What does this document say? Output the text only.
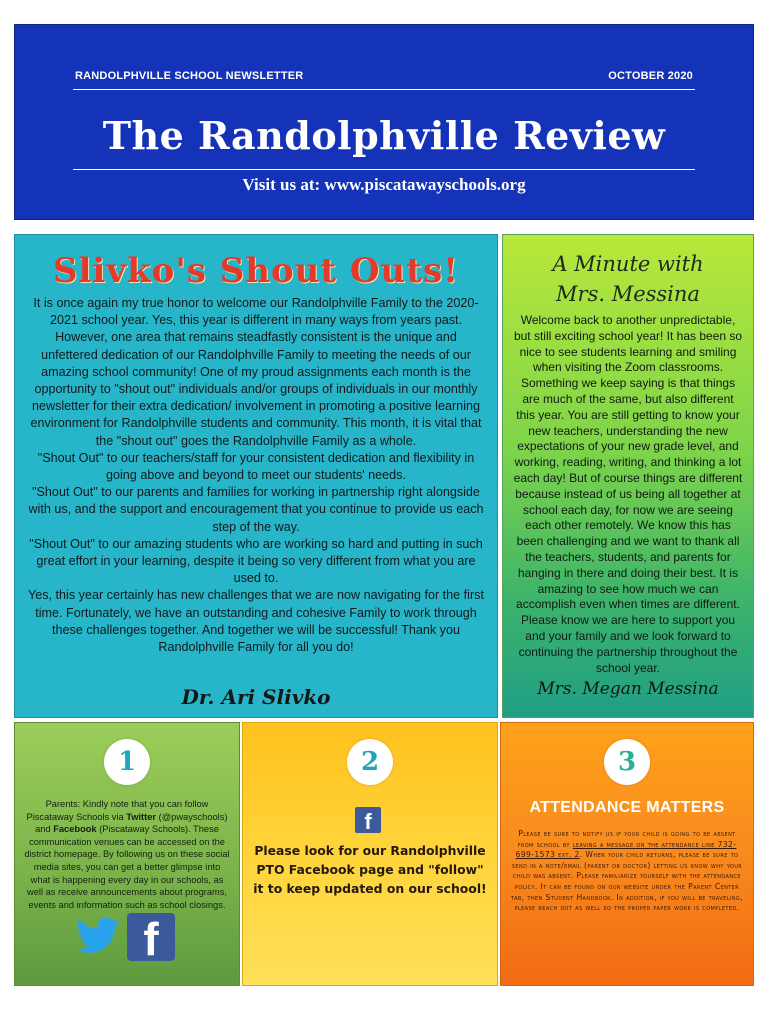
RANDOLPHVILLE SCHOOL NEWSLETTER	OCTOBER 2020
The Randolphville Review
Visit us at: www.piscatawayschools.org
Slivko's Shout Outs!

It is once again my true honor to welcome our Randolphville Family to the 2020-2021 school year. Yes, this year is different in many ways from years past. However, one area that remains steadfastly consistent is the unique and unfettered dedication of our Randolphville Family to meeting the needs of our amazing school community! One of my proud assignments each month is the opportunity to "shout out" individuals and/or groups of individuals in our monthly newsletter for their extra dedication/ involvement in promoting a positive learning environment for Randolphville students and community. This month, it is vital that the "shout out" goes the Randolphville Family as a whole.

"Shout Out" to our teachers/staff for your consistent dedication and flexibility in going above and beyond to meet our students' needs.

"Shout Out" to our parents and families for working in partnership right alongside with us, and the support and encouragement that you continue to provide us each step of the way.

"Shout Out" to our amazing students who are working so hard and putting in such great effort in your learning, despite it being so very different from what you are used to.

Yes, this year certainly has new challenges that we are now navigating for the first time. Fortunately, we have an outstanding and cohesive Family to work through these challenges together. And together we will be successful! Thank you Randolphville Family for all you do!

Dr. Ari Slivko
A Minute with
Mrs. Messina
Welcome back to another unpredictable, but still exciting school year! It has been so nice to see students learning and smiling when visiting the Zoom classrooms. Something we keep saying is that things are much of the same, but also different this year. You are still getting to know your new teachers, understanding the new expectations of your new grade level, and working, reading, writing, and thinking a lot each day! But of course things are different because instead of us being all together at school each day, for now we are seeing each other remotely. We know this has been challenging and we want to thank all the teachers, students, and parents for hanging in there and doing their best. It is amazing to see how much we can accomplish even when times are different. Please know we are here to support you and your family and we look forward to continuing the partnership throughout the school year.
Mrs. Megan Messina
1
Parents: Kindly note that you can follow Piscataway Schools via Twitter (@pwayschools) and Facebook (Piscataway Schools). These communication venues can be accessed on the district homepage. By following us on these social media sites, you can get a better glimpse into what is happening every day in our schools, as well as receive announcements about programs, events and information such as school closings.
f
2
f
Please look for our Randolphville PTO Facebook page and "follow" it to keep updated on our school!
3
ATTENDANCE MATTERS
Please be sure to notify us if your child is going to be absent from school by leaving a message on the attendance line 732-699-1573 ext. 2. When your child returns, please be sure to send in a note/email (parent or doctor) letting us know why your child was absent. Please familiarize yourself with the attendance policy. It can be found on our website under the Parent Center tab, then Student Handbook. In addition, if you will be traveling, please reach out as well so the proper paper work is completed.
